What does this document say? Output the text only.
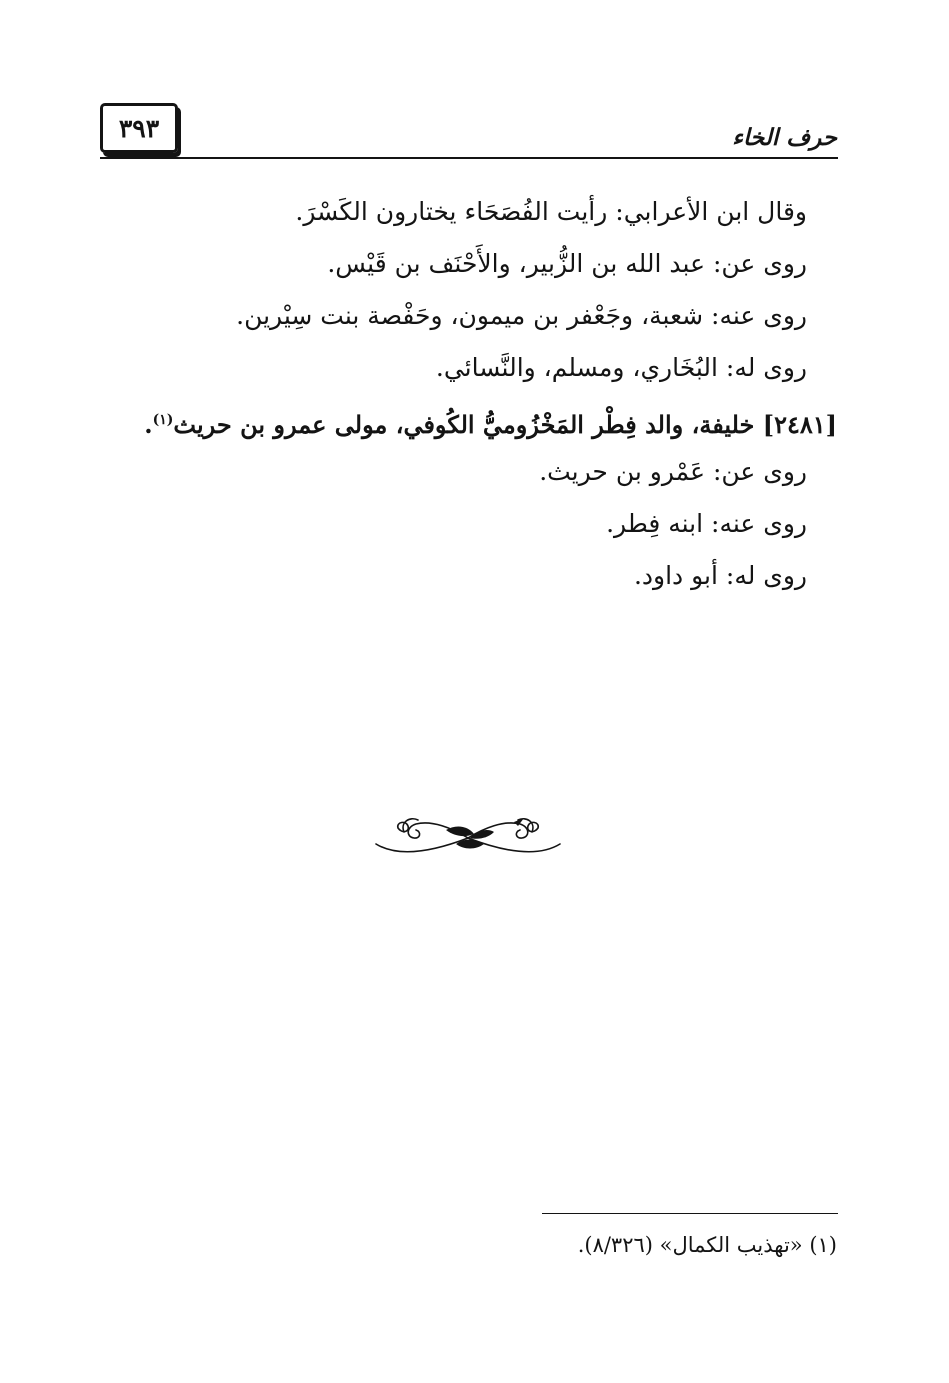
حرف الخاء
٣٩٣
وقال ابن الأعرابي: رأيت الفُصَحَاء يختارون الكَسْرَ.
روى عن: عبد الله بن الزُّبير، والأَحْنَف بن قَيْس.
روى عنه: شعبة، وجَعْفر بن ميمون، وحَفْصة بنت سِيْرين.
روى له: البُخَاري، ومسلم، والنَّسائي.
[٢٤٨١] خليفة، والد فِطْر المَخْزُوميُّ الكُوفي، مولى عمرو بن حريث$^{(١)}$.
روى عن: عَمْرو بن حريث.
روى عنه: ابنه فِطر.
روى له: أبو داود.
(١) «تهذيب الكمال» (٨/٣٢٦).
